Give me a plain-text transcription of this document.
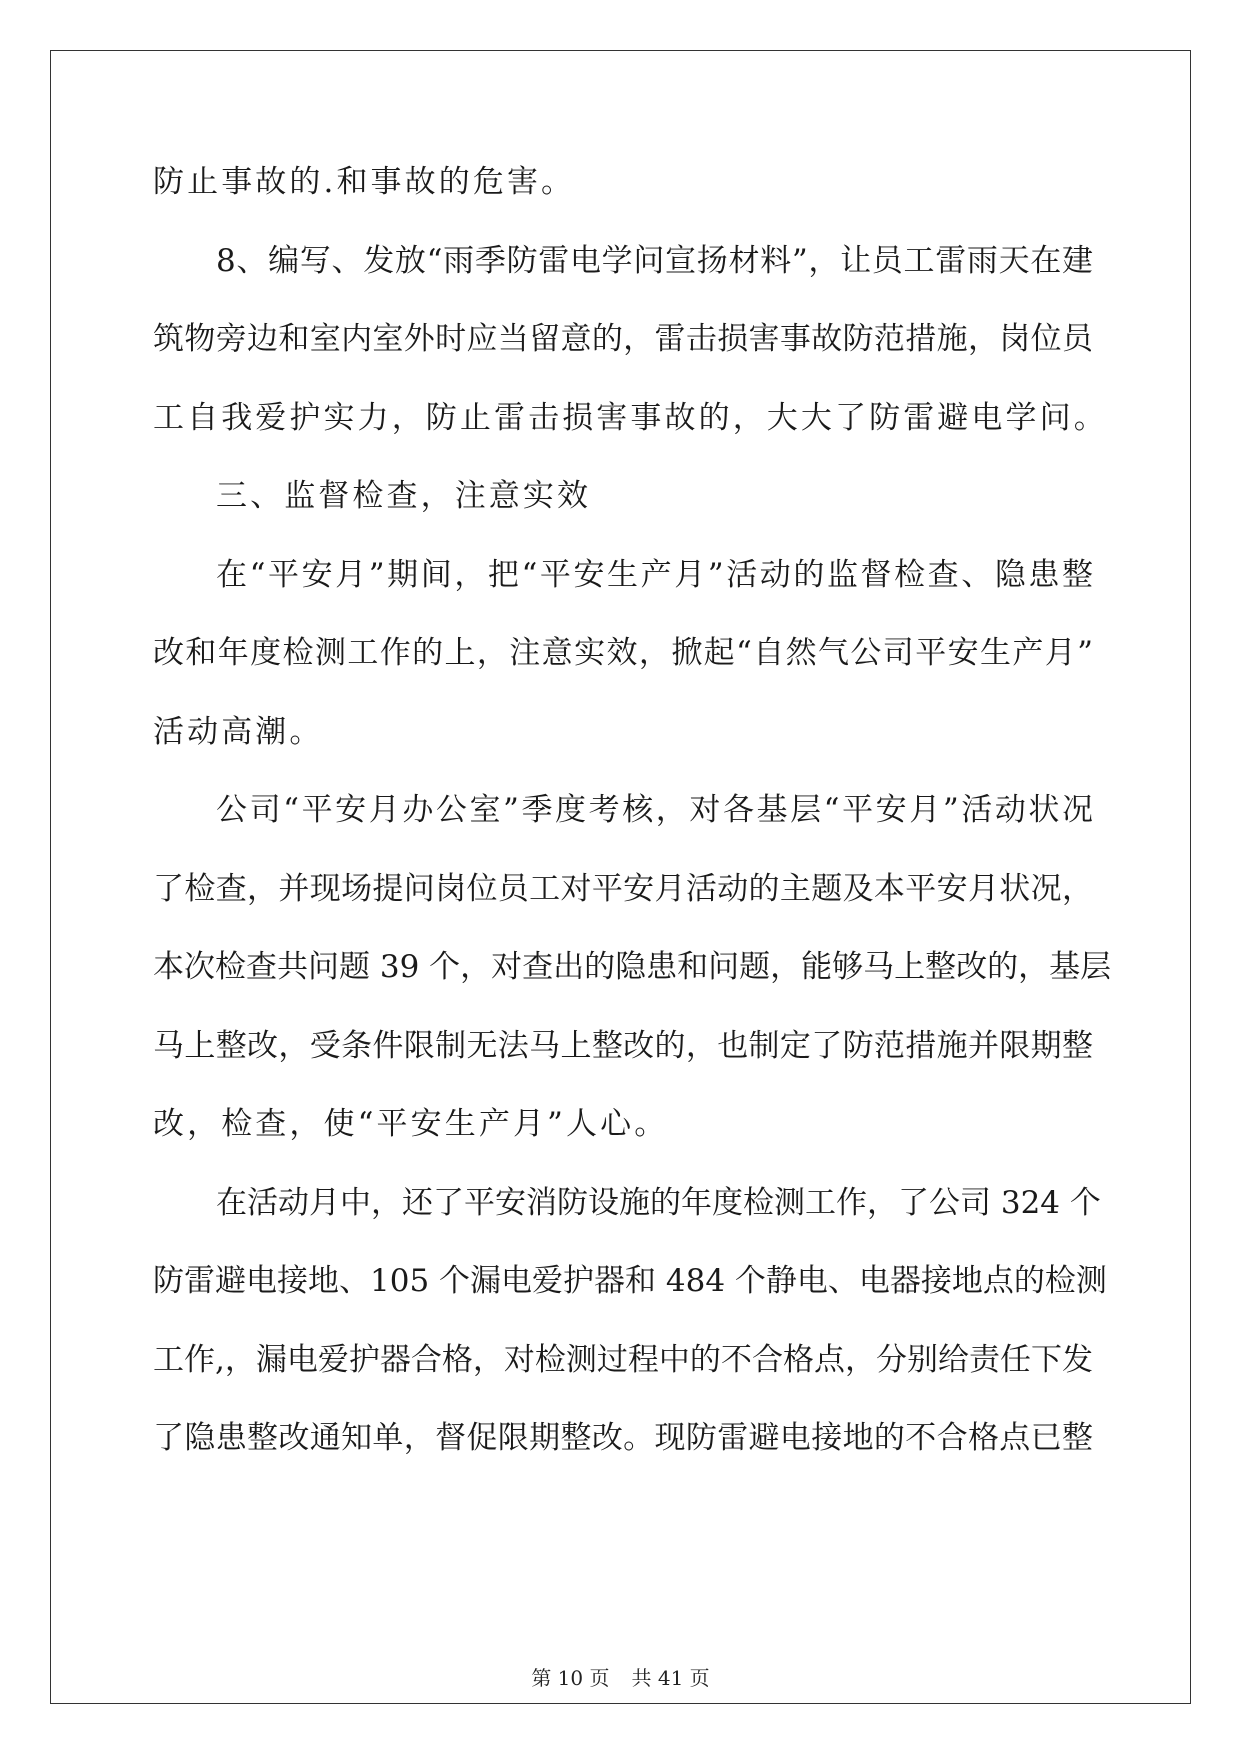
防止事故的.和事故的危害。
8、编写、发放“雨季防雷电学问宣扬材料”，让员工雷雨天在建
筑物旁边和室内室外时应当留意的，雷击损害事故防范措施，岗位员
工自我爱护实力，防止雷击损害事故的，大大了防雷避电学问。
三、监督检查，注意实效
在“平安月”期间，把“平安生产月”活动的监督检查、隐患整
改和年度检测工作的上，注意实效，掀起“自然气公司平安生产月”
活动高潮。
公司“平安月办公室”季度考核，对各基层“平安月”活动状况
了检查，并现场提问岗位员工对平安月活动的主题及本平安月状况，
本次检查共问题 39 个，对查出的隐患和问题，能够马上整改的，基层
马上整改，受条件限制无法马上整改的，也制定了防范措施并限期整
改，检查，使“平安生产月”人心。
在活动月中，还了平安消防设施的年度检测工作，了公司 324 个
防雷避电接地、105 个漏电爱护器和 484 个静电、电器接地点的检测
工作,，漏电爱护器合格，对检测过程中的不合格点，分别给责任下发
了隐患整改通知单，督促限期整改。现防雷避电接地的不合格点已整
第 10 页 共 41 页
